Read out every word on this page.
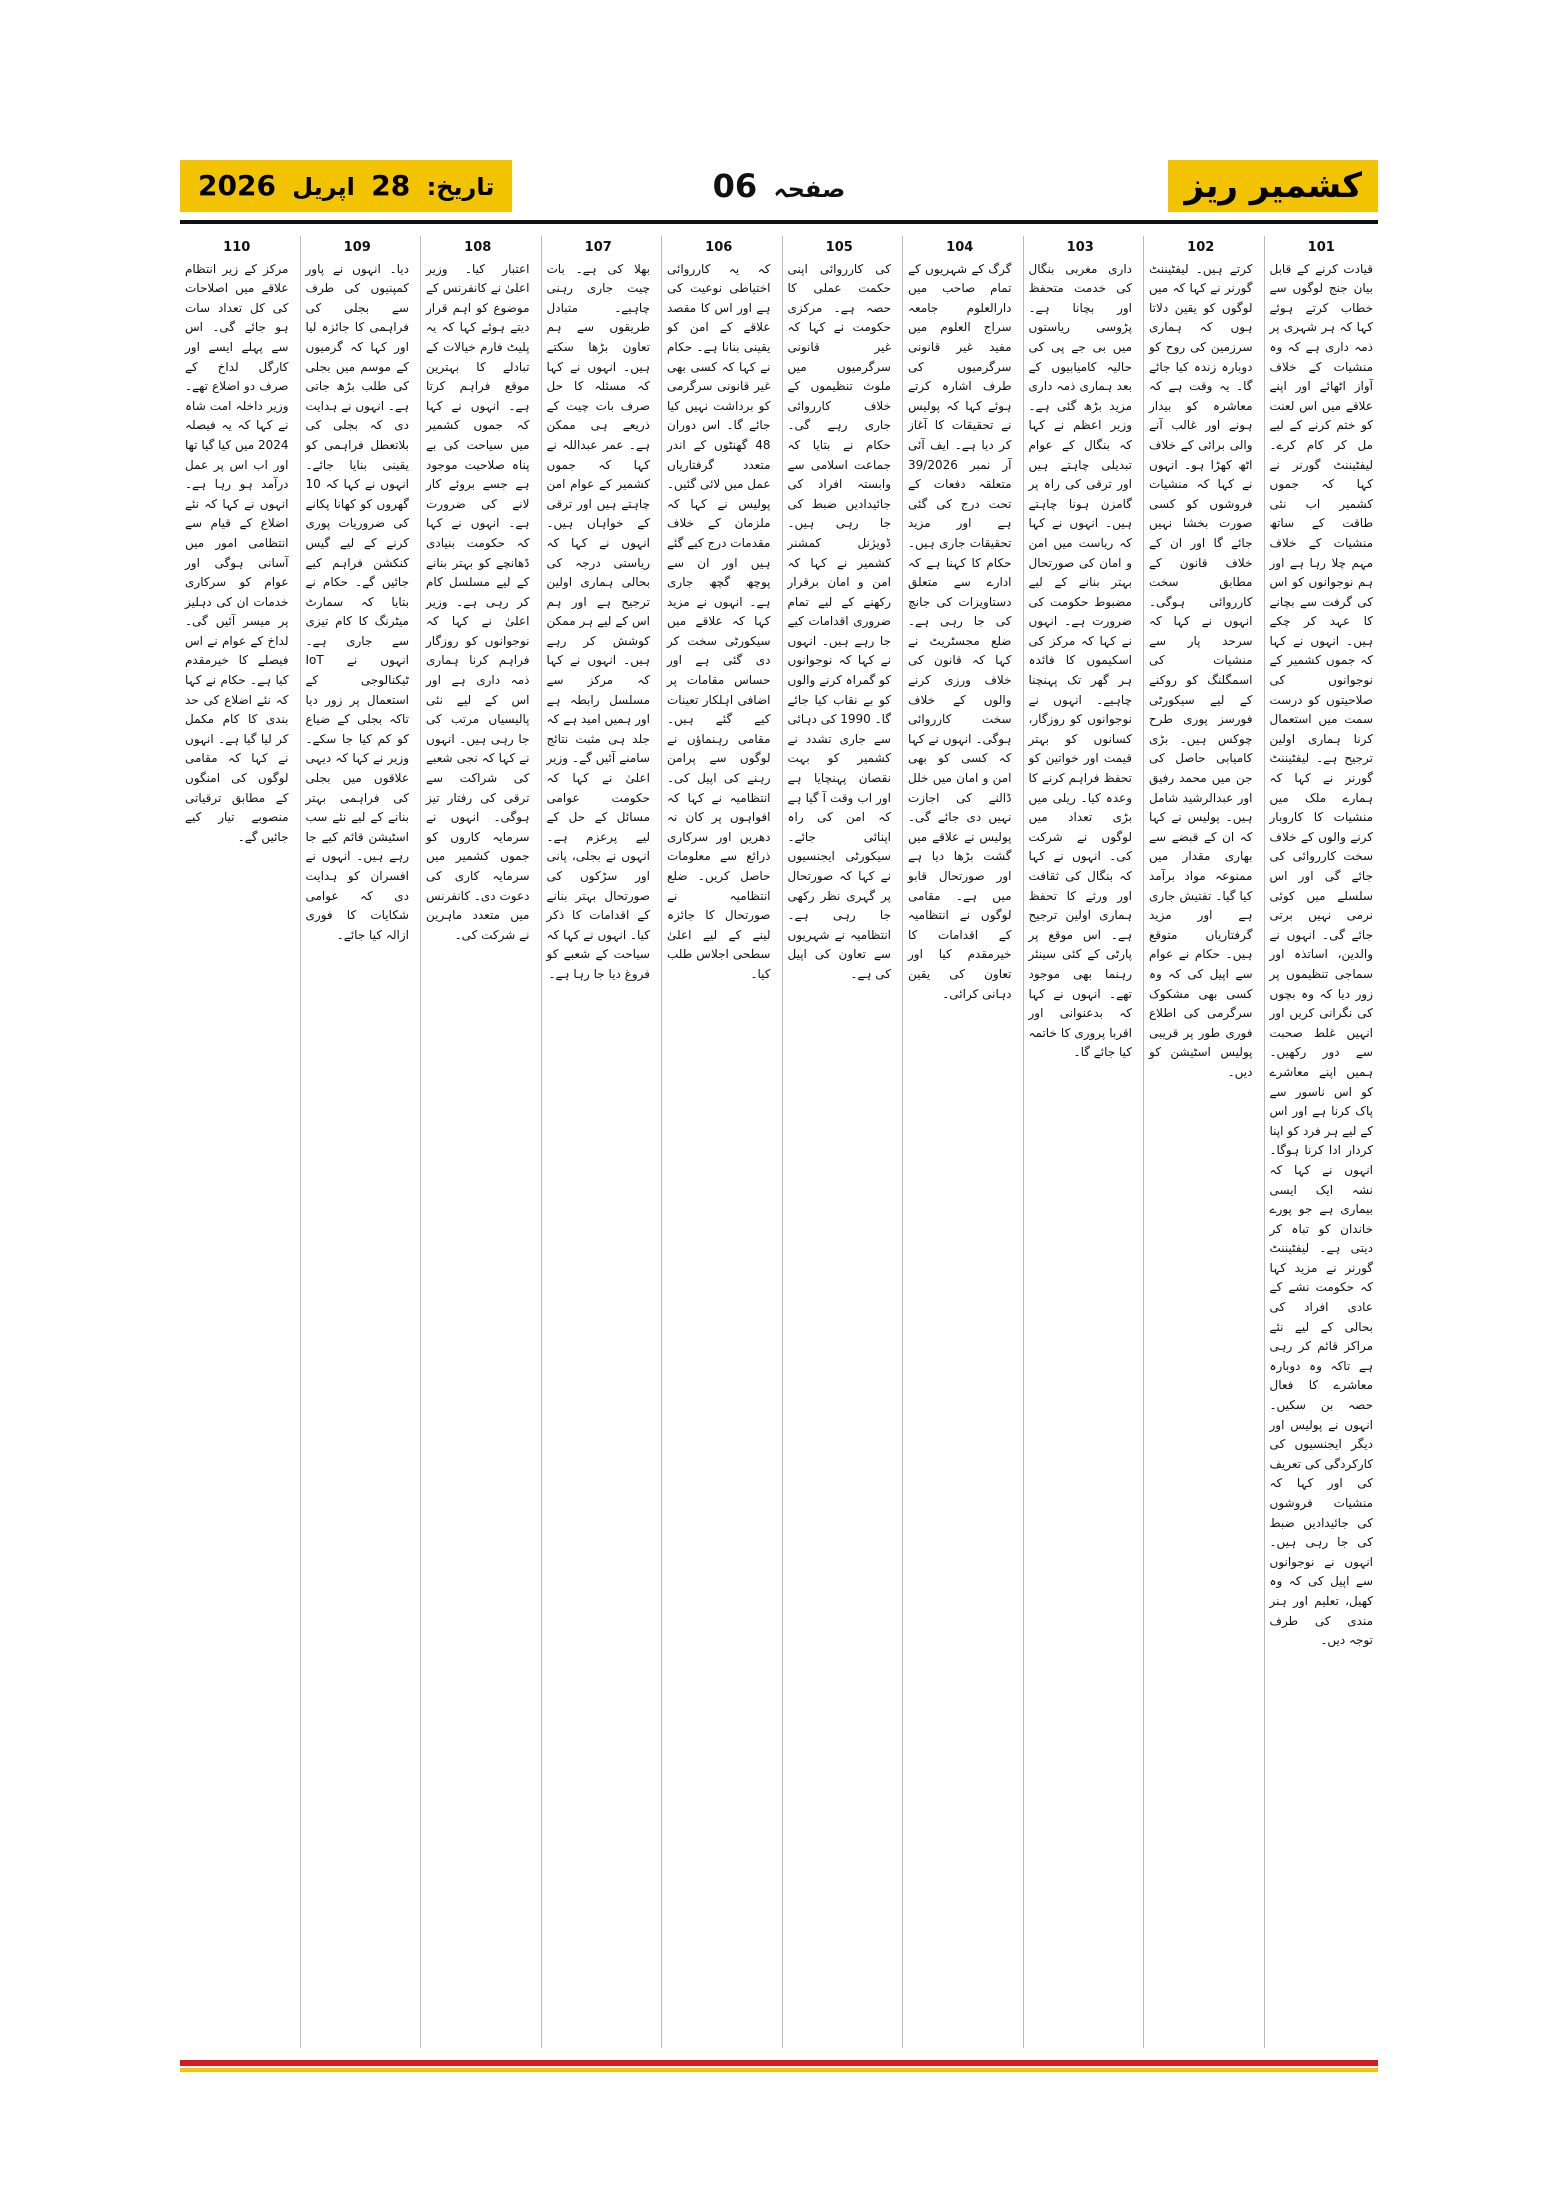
کشمیر ریز
صفحہ 06
تاریخ: 28 اپریل 2026
101

قیادت کرنے کے قابل بیان جنج لوگوں سے خطاب کرتے ہوئے کہا کہ ہر شہری پر ذمہ داری ہے کہ وہ منشیات کے خلاف آواز اٹھائے اور اپنے علاقے میں اس لعنت کو ختم کرنے کے لیے مل کر کام کرے۔ لیفٹیننٹ گورنر نے کہا کہ جموں کشمیر اب نئی طاقت کے ساتھ منشیات کے خلاف مہم چلا رہا ہے اور ہم نوجوانوں کو اس کی گرفت سے بچانے کا عہد کر چکے ہیں۔ انہوں نے کہا کہ جموں کشمیر کے نوجوانوں کی صلاحیتوں کو درست سمت میں استعمال کرنا ہماری اولین ترجیح ہے۔ لیفٹیننٹ گورنر نے کہا کہ ہمارے ملک میں منشیات کا کاروبار کرنے والوں کے خلاف سخت کارروائی کی جائے گی اور اس سلسلے میں کوئی نرمی نہیں برتی جائے گی۔ انہوں نے والدین، اساتذہ اور سماجی تنظیموں پر زور دیا کہ وہ بچوں کی نگرانی کریں اور انہیں غلط صحبت سے دور رکھیں۔ ہمیں اپنے معاشرے کو اس ناسور سے پاک کرنا ہے اور اس کے لیے ہر فرد کو اپنا کردار ادا کرنا ہوگا۔ انہوں نے کہا کہ نشہ ایک ایسی بیماری ہے جو پورے خاندان کو تباہ کر دیتی ہے۔ لیفٹیننٹ گورنر نے مزید کہا کہ حکومت نشے کے عادی افراد کی بحالی کے لیے نئے مراکز قائم کر رہی ہے تاکہ وہ دوبارہ معاشرے کا فعال حصہ بن سکیں۔ انہوں نے پولیس اور دیگر ایجنسیوں کی کارکردگی کی تعریف کی اور کہا کہ منشیات فروشوں کی جائیدادیں ضبط کی جا رہی ہیں۔ انہوں نے نوجوانوں سے اپیل کی کہ وہ کھیل، تعلیم اور ہنر مندی کی طرف توجہ دیں۔

102

کرتے ہیں۔ لیفٹیننٹ گورنر نے کہا کہ میں لوگوں کو یقین دلاتا ہوں کہ ہماری سرزمین کی روح کو دوبارہ زندہ کیا جائے گا۔ یہ وقت ہے کہ معاشرہ کو بیدار ہونے اور غالب آنے والی برائی کے خلاف اٹھ کھڑا ہو۔ انہوں نے کہا کہ منشیات فروشوں کو کسی صورت بخشا نہیں جائے گا اور ان کے خلاف قانون کے مطابق سخت کارروائی ہوگی۔ انہوں نے کہا کہ سرحد پار سے منشیات کی اسمگلنگ کو روکنے کے لیے سیکورٹی فورسز پوری طرح چوکس ہیں۔ بڑی کامیابی حاصل کی جن میں محمد رفیق اور عبدالرشید شامل ہیں۔ پولیس نے کہا کہ ان کے قبضے سے بھاری مقدار میں ممنوعہ مواد برآمد کیا گیا۔ تفتیش جاری ہے اور مزید گرفتاریاں متوقع ہیں۔ حکام نے عوام سے اپیل کی کہ وہ کسی بھی مشکوک سرگرمی کی اطلاع فوری طور پر قریبی پولیس اسٹیشن کو دیں۔

103

داری مغربی بنگال کی خدمت متحفظ اور بچانا ہے۔ پڑوسی ریاستوں میں بی جے پی کی حالیہ کامیابیوں کے بعد ہماری ذمہ داری مزید بڑھ گئی ہے۔ وزیر اعظم نے کہا کہ بنگال کے عوام تبدیلی چاہتے ہیں اور ترقی کی راہ پر گامزن ہونا چاہتے ہیں۔ انہوں نے کہا کہ ریاست میں امن و امان کی صورتحال بہتر بنانے کے لیے مضبوط حکومت کی ضرورت ہے۔ انہوں نے کہا کہ مرکز کی اسکیموں کا فائدہ ہر گھر تک پہنچنا چاہیے۔ انہوں نے نوجوانوں کو روزگار، کسانوں کو بہتر قیمت اور خواتین کو تحفظ فراہم کرنے کا وعدہ کیا۔ ریلی میں بڑی تعداد میں لوگوں نے شرکت کی۔ انہوں نے کہا کہ بنگال کی ثقافت اور ورثے کا تحفظ ہماری اولین ترجیح ہے۔ اس موقع پر پارٹی کے کئی سینئر رہنما بھی موجود تھے۔ انہوں نے کہا کہ بدعنوانی اور اقربا پروری کا خاتمہ کیا جائے گا۔

104

گرگ کے شہریوں کے تمام صاحب میں دارالعلوم جامعہ سراج العلوم میں مفید غیر قانونی سرگرمیوں کی طرف اشارہ کرتے ہوئے کہا کہ پولیس نے تحقیقات کا آغاز کر دیا ہے۔ ایف آئی آر نمبر 39/2026 متعلقہ دفعات کے تحت درج کی گئی ہے اور مزید تحقیقات جاری ہیں۔ حکام کا کہنا ہے کہ ادارے سے متعلق دستاویزات کی جانچ کی جا رہی ہے۔ ضلع مجسٹریٹ نے کہا کہ قانون کی خلاف ورزی کرنے والوں کے خلاف سخت کارروائی ہوگی۔ انہوں نے کہا کہ کسی کو بھی امن و امان میں خلل ڈالنے کی اجازت نہیں دی جائے گی۔ پولیس نے علاقے میں گشت بڑھا دیا ہے اور صورتحال قابو میں ہے۔ مقامی لوگوں نے انتظامیہ کے اقدامات کا خیرمقدم کیا اور تعاون کی یقین دہانی کرائی۔

105

کی کارروائی اپنی حکمت عملی کا حصہ ہے۔ مرکزی حکومت نے کہا کہ غیر قانونی سرگرمیوں میں ملوث تنظیموں کے خلاف کارروائی جاری رہے گی۔ حکام نے بتایا کہ جماعت اسلامی سے وابستہ افراد کی جائیدادیں ضبط کی جا رہی ہیں۔ ڈویژنل کمشنر کشمیر نے کہا کہ امن و امان برقرار رکھنے کے لیے تمام ضروری اقدامات کیے جا رہے ہیں۔ انہوں نے کہا کہ نوجوانوں کو گمراہ کرنے والوں کو بے نقاب کیا جائے گا۔ 1990 کی دہائی سے جاری تشدد نے کشمیر کو بہت نقصان پہنچایا ہے اور اب وقت آ گیا ہے کہ امن کی راہ اپنائی جائے۔ سیکورٹی ایجنسیوں نے کہا کہ صورتحال پر گہری نظر رکھی جا رہی ہے۔ انتظامیہ نے شہریوں سے تعاون کی اپیل کی ہے۔

106

کہ یہ کارروائی اختیاطی نوعیت کی ہے اور اس کا مقصد علاقے کے امن کو یقینی بنانا ہے۔ حکام نے کہا کہ کسی بھی غیر قانونی سرگرمی کو برداشت نہیں کیا جائے گا۔ اس دوران 48 گھنٹوں کے اندر متعدد گرفتاریاں عمل میں لائی گئیں۔ پولیس نے کہا کہ ملزمان کے خلاف مقدمات درج کیے گئے ہیں اور ان سے پوچھ گچھ جاری ہے۔ انہوں نے مزید کہا کہ علاقے میں سیکورٹی سخت کر دی گئی ہے اور حساس مقامات پر اضافی اہلکار تعینات کیے گئے ہیں۔ مقامی رہنماؤں نے لوگوں سے پرامن رہنے کی اپیل کی۔ انتظامیہ نے کہا کہ افواہوں پر کان نہ دھریں اور سرکاری ذرائع سے معلومات حاصل کریں۔ ضلع انتظامیہ نے صورتحال کا جائزہ لینے کے لیے اعلیٰ سطحی اجلاس طلب کیا۔

107

بھلا کی ہے۔ بات چیت جاری رہنی چاہیے۔ متبادل طریقوں سے ہم تعاون بڑھا سکتے ہیں۔ انہوں نے کہا کہ مسئلہ کا حل صرف بات چیت کے ذریعے ہی ممکن ہے۔ عمر عبداللہ نے کہا کہ جموں کشمیر کے عوام امن چاہتے ہیں اور ترقی کے خواہاں ہیں۔ انہوں نے کہا کہ ریاستی درجہ کی بحالی ہماری اولین ترجیح ہے اور ہم اس کے لیے ہر ممکن کوشش کر رہے ہیں۔ انہوں نے کہا کہ مرکز سے مسلسل رابطہ ہے اور ہمیں امید ہے کہ جلد ہی مثبت نتائج سامنے آئیں گے۔ وزیر اعلیٰ نے کہا کہ حکومت عوامی مسائل کے حل کے لیے پرعزم ہے۔ انہوں نے بجلی، پانی اور سڑکوں کی صورتحال بہتر بنانے کے اقدامات کا ذکر کیا۔ انہوں نے کہا کہ سیاحت کے شعبے کو فروغ دیا جا رہا ہے۔

108

اعتبار کیا۔ وزیر اعلیٰ نے کانفرنس کے موضوع کو اہم قرار دیتے ہوئے کہا کہ یہ پلیٹ فارم خیالات کے تبادلے کا بہترین موقع فراہم کرتا ہے۔ انہوں نے کہا کہ جموں کشمیر میں سیاحت کی بے پناہ صلاحیت موجود ہے جسے بروئے کار لانے کی ضرورت ہے۔ انہوں نے کہا کہ حکومت بنیادی ڈھانچے کو بہتر بنانے کے لیے مسلسل کام کر رہی ہے۔ وزیر اعلیٰ نے کہا کہ نوجوانوں کو روزگار فراہم کرنا ہماری ذمہ داری ہے اور اس کے لیے نئی پالیسیاں مرتب کی جا رہی ہیں۔ انہوں نے کہا کہ نجی شعبے کی شراکت سے ترقی کی رفتار تیز ہوگی۔ انہوں نے سرمایہ کاروں کو جموں کشمیر میں سرمایہ کاری کی دعوت دی۔ کانفرنس میں متعدد ماہرین نے شرکت کی۔

109

دیا۔ انہوں نے پاور کمپنیوں کی طرف سے بجلی کی فراہمی کا جائزہ لیا اور کہا کہ گرمیوں کے موسم میں بجلی کی طلب بڑھ جاتی ہے۔ انہوں نے ہدایت دی کہ بجلی کی بلاتعطل فراہمی کو یقینی بنایا جائے۔ انہوں نے کہا کہ 10 گھروں کو کھانا پکانے کی ضروریات پوری کرنے کے لیے گیس کنکشن فراہم کیے جائیں گے۔ حکام نے بتایا کہ سمارٹ میٹرنگ کا کام تیزی سے جاری ہے۔ انہوں نے IoT ٹیکنالوجی کے استعمال پر زور دیا تاکہ بجلی کے ضیاع کو کم کیا جا سکے۔ وزیر نے کہا کہ دیہی علاقوں میں بجلی کی فراہمی بہتر بنانے کے لیے نئے سب اسٹیشن قائم کیے جا رہے ہیں۔ انہوں نے افسران کو ہدایت دی کہ عوامی شکایات کا فوری ازالہ کیا جائے۔

110

مرکز کے زیر انتظام علاقے میں اصلاحات کی کل تعداد سات ہو جائے گی۔ اس سے پہلے ایسے اور کارگل لداخ کے صرف دو اضلاع تھے۔ وزیر داخلہ امت شاہ نے کہا کہ یہ فیصلہ 2024 میں کیا گیا تھا اور اب اس پر عمل درآمد ہو رہا ہے۔ انہوں نے کہا کہ نئے اضلاع کے قیام سے انتظامی امور میں آسانی ہوگی اور عوام کو سرکاری خدمات ان کی دہلیز پر میسر آئیں گی۔ لداخ کے عوام نے اس فیصلے کا خیرمقدم کیا ہے۔ حکام نے کہا کہ نئے اضلاع کی حد بندی کا کام مکمل کر لیا گیا ہے۔ انہوں نے کہا کہ مقامی لوگوں کی امنگوں کے مطابق ترقیاتی منصوبے تیار کیے جائیں گے۔
